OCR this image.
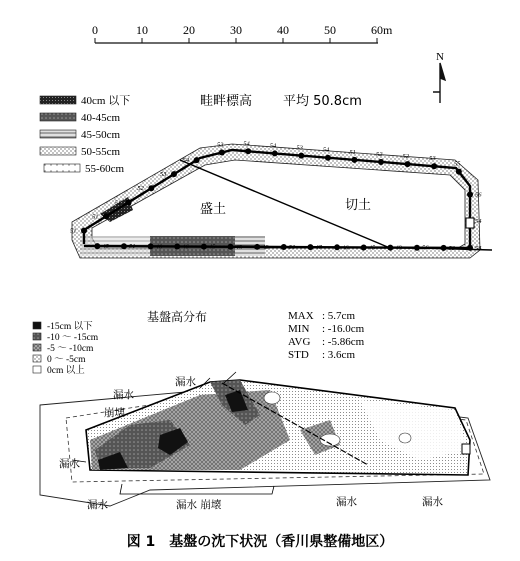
0	10	20	30	40	50	60m
N
40cm 以下
40-45cm
45-50cm
50-55cm
55-60cm
畦畔標高 平均 50.8cm
盛土	切土
51
51
51
52
53
54
53	54	54	53	54	51	52	52	53
55
56
54
54
53
56
49
45
46
47
50
49
45
45
46
46
51
45
基盤高分布
-15cm 以下
-10 〜 -15cm
-5 〜 -10cm
0 〜 -5cm
0cm 以上
MAX : 5.7cm
MIN : -16.0cm
AVG : -5.86cm
STD : 3.6cm
漏水
漏水
崩壊
漏水
漏水	漏水 崩壊	漏水	漏水
図 1　基盤の沈下状況（香川県整備地区）
